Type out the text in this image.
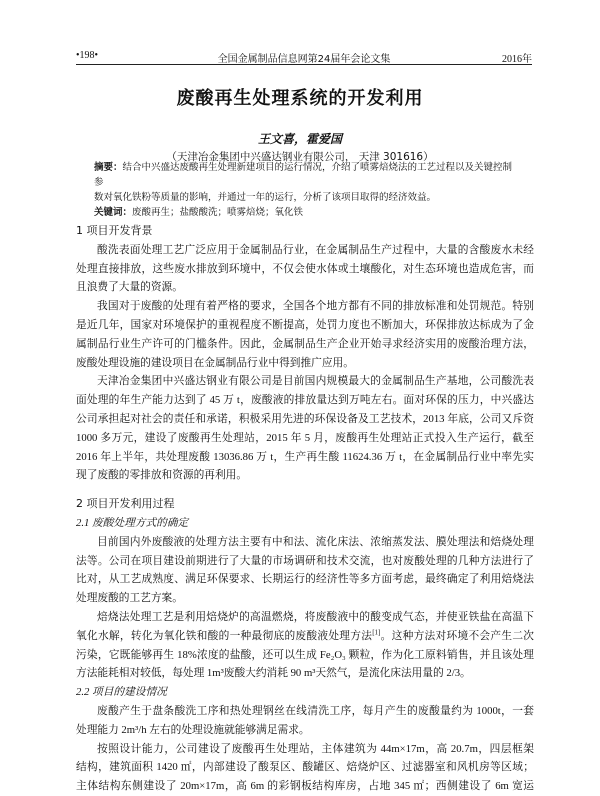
•198•	全国金属制品信息网第24届年会论文集	2016年
废酸再生处理系统的开发利用
王文喜，霍爱国
（天津冶金集团中兴盛达钢业有限公司， 天津 301616）
摘要：结合中兴盛达废酸再生处理新建项目的运行情况，介绍了喷雾焙烧法的工艺过程以及关键控制参
数对氧化铁粉等质量的影响，并通过一年的运行，分析了该项目取得的经济效益。
关键词：废酸再生；盐酸酸洗；喷雾焙烧；氧化铁
1 项目开发背景
酸洗表面处理工艺广泛应用于金属制品行业，在金属制品生产过程中，大量的含酸废水未经
处理直接排放，这些废水排放到环境中，不仅会使水体或土壤酸化，对生态环境也造成危害，而
且浪费了大量的资源。
我国对于废酸的处理有着严格的要求，全国各个地方都有不同的排放标准和处罚规范。特别
是近几年，国家对环境保护的重视程度不断提高，处罚力度也不断加大，环保排放达标成为了金
属制品行业生产许可的门槛条件。因此，金属制品生产企业开始寻求经济实用的废酸治理方法，
废酸处理设施的建设项目在金属制品行业中得到推广应用。
天津冶金集团中兴盛达钢业有限公司是目前国内规模最大的金属制品生产基地，公司酸洗表
面处理的年生产能力达到了 45 万 t，废酸液的排放量达到万吨左右。面对环保的压力，中兴盛达
公司承担起对社会的责任和承诺，积极采用先进的环保设备及工艺技术，2013 年底，公司又斥资
1000 多万元，建设了废酸再生处理站，2015 年 5 月，废酸再生处理站正式投入生产运行，截至
2016 年上半年，共处理废酸 13036.86 万 t，生产再生酸 11624.36 万 t，在金属制品行业中率先实
现了废酸的零排放和资源的再利用。
2 项目开发利用过程
2.1 废酸处理方式的确定
目前国内外废酸液的处理方法主要有中和法、流化床法、浓缩蒸发法、膜处理法和焙烧处理
法等。公司在项目建设前期进行了大量的市场调研和技术交流，也对废酸处理的几种方法进行了
比对，从工艺成熟度、满足环保要求、长期运行的经济性等多方面考虑，最终确定了利用焙烧法
处理废酸的工艺方案。
焙烧法处理工艺是利用焙烧炉的高温燃烧，将废酸液中的酸变成气态，并使亚铁盐在高温下
氧化水解，转化为氧化铁和酸的一种最彻底的废酸液处理方法[1]。这种方法对环境不会产生二次
污染，它既能够再生 18%浓度的盐酸，还可以生成 Fe₂O₃ 颗粒，作为化工原料销售，并且该处理
方法能耗相对较低，每处理 1m³废酸大约消耗 90 m³天然气，是流化床法用量的 2/3。
2.2 项目的建设情况
废酸产生于盘条酸洗工序和热处理钢丝在线清洗工序，每月产生的废酸量约为 1000t，一套
处理能力 2m³/h 左右的处理设施就能够满足需求。
按照设计能力，公司建设了废酸再生处理站，主体建筑为 44m×17m，高 20.7m，四层框架
结构，建筑面积 1420 ㎡，内部建设了酸泵区、酸罐区、焙烧炉区、过滤器室和风机房等区域；
主体结构东侧建设了 20m×17m，高 6m 的彩钢板结构库房，占地 345 ㎡；西侧建设了 6m 宽运
